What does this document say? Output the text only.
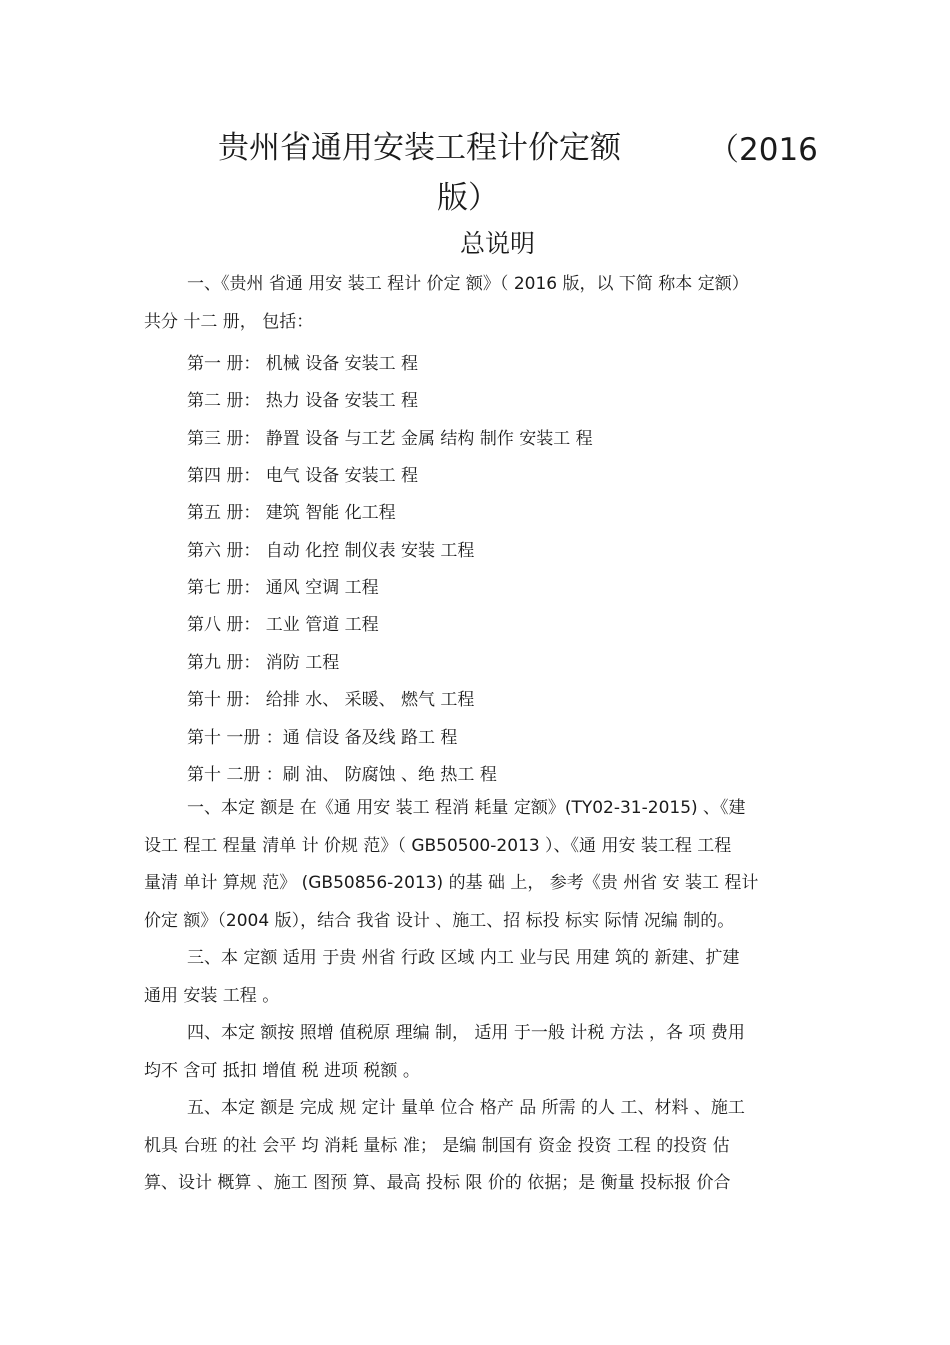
贵州省通用安装工程计价定额	（2016
版）
总说明
一、《贵州 省通 用安 装工 程计 价定 额》（ 2016 版，以 下简 称本 定额）
共分 十二 册， 包括：
第一 册： 机械 设备 安装工 程
第二 册： 热力 设备 安装工 程
第三 册： 静置 设备 与工艺 金属 结构 制作 安装工 程
第四 册： 电气 设备 安装工 程
第五 册： 建筑 智能 化工程
第六 册： 自动 化控 制仪表 安装 工程
第七 册： 通风 空调 工程
第八 册： 工业 管道 工程
第九 册： 消防 工程
第十 册： 给排 水、 采暖、 燃气 工程
第十 一册 ：通 信设 备及线 路工 程
第十 二册 ：刷 油、 防腐蚀 、绝 热工 程
一、本定 额是 在《通 用安 装工 程消 耗量 定额》(TY02-31-2015) 、《建
设工 程工 程量 清单 计 价规 范》（ GB50500-2013 ）、《通 用安 装工程 工程
量清 单计 算规 范》 (GB50856-2013) 的基 础 上， 参考《贵 州省 安 装工 程计
价定 额》（2004 版），结合 我省 设计 、施工、招 标投 标实 际情 况编 制的。
三、本 定额 适用 于贵 州省 行政 区域 内工 业与民 用建 筑的 新建、扩建
通用 安装 工程 。
四、本定 额按 照增 值税原 理编 制， 适用 于一般 计税 方法 ，各 项 费用
均不 含可 抵扣 增值 税 进项 税额 。
五、本定 额是 完成 规 定计 量单 位合 格产 品 所需 的人 工、材料 、施工
机具 台班 的社 会平 均 消耗 量标 准； 是编 制国有 资金 投资 工程 的投资 估
算、设计 概算 、施工 图预 算、最高 投标 限 价的 依据；是 衡量 投标报 价合
